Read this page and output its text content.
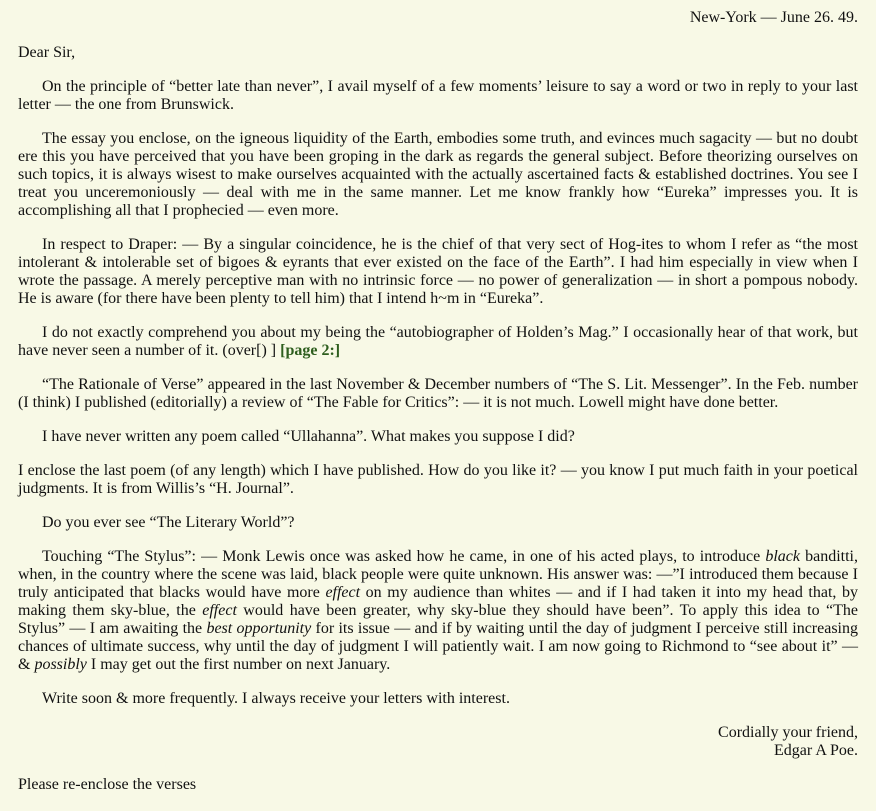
New-York — June 26. 49.
Dear Sir,

On the principle of “better late than never”, I avail myself of a few moments’ leisure to say a word or two in reply to your last letter — the one from Brunswick.

The essay you enclose, on the igneous liquidity of the Earth, embodies some truth, and evinces much sagacity — but no doubt ere this you have perceived that you have been groping in the dark as regards the general subject. Before theorizing ourselves on such topics, it is always wisest to make ourselves acquainted with the actually ascertained facts & established doctrines. You see I treat you unceremoniously — deal with me in the same manner. Let me know frankly how “Eureka” impresses you. It is accomplishing all that I prophecied — even more.

In respect to Draper: — By a singular coincidence, he is the chief of that very sect of Hog-ites to whom I refer as “the most intolerant & intolerable set of bigoes & eyrants that ever existed on the face of the Earth”. I had him especially in view when I wrote the passage. A merely perceptive man with no intrinsic force — no power of generalization — in short a pompous nobody. He is aware (for there have been plenty to tell him) that I intend h~m in “Eureka”.

I do not exactly comprehend you about my being the “autobiographer of Holden’s Mag.” I occasionally hear of that work, but have never seen a number of it. (over[) ] [page 2:]

“The Rationale of Verse” appeared in the last November & December numbers of “The S. Lit. Messenger”. In the Feb. number (I think) I published (editorially) a review of “The Fable for Critics”: — it is not much. Lowell might have done better.

I have never written any poem called “Ullahanna”. What makes you suppose I did?

I enclose the last poem (of any length) which I have published. How do you like it? — you know I put much faith in your poetical judgments. It is from Willis’s “H. Journal”.

Do you ever see “The Literary World”?

Touching “The Stylus”: — Monk Lewis once was asked how he came, in one of his acted plays, to introduce black banditti, when, in the country where the scene was laid, black people were quite unknown. His answer was: —”I introduced them because I truly anticipated that blacks would have more effect on my audience than whites — and if I had taken it into my head that, by making them sky-blue, the effect would have been greater, why sky-blue they should have been”. To apply this idea to “The Stylus” — I am awaiting the best opportunity for its issue — and if by waiting until the day of judgment I perceive still increasing chances of ultimate success, why until the day of judgment I will patiently wait. I am now going to Richmond to “see about it” — & possibly I may get out the first number on next January.

Write soon & more frequently. I always receive your letters with interest.

Cordially your friend,
Edgar A Poe.
Please re-enclose the verses
